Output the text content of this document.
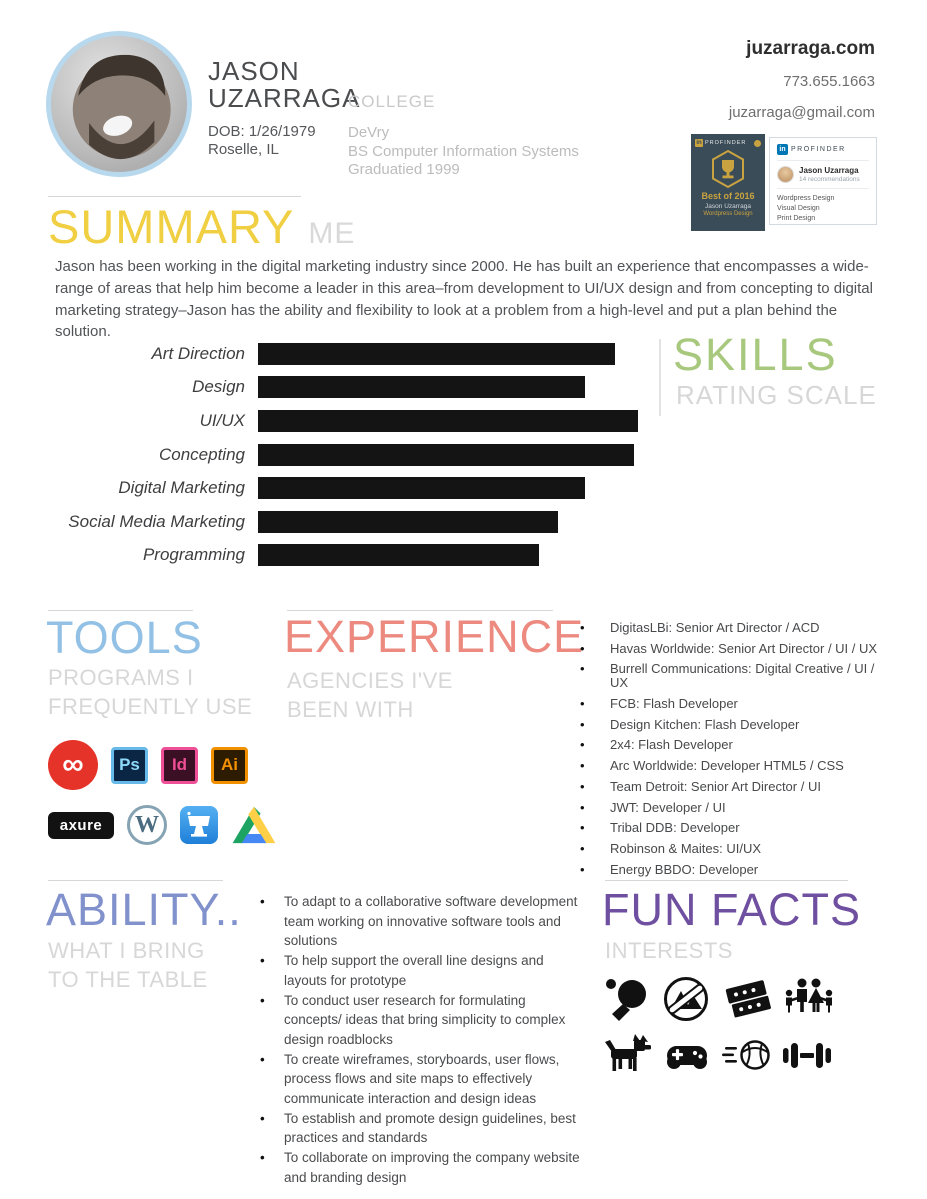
JASON
UZARRAGA
DOB: 1/26/1979
Roselle, IL
COLLEGE
DeVry
BS Computer Information Systems
Graduatied 1999
juzarraga.com
773.655.1663
juzarraga@gmail.com
in PROFINDER
Best of 2016
Jason Uzarraga
Wordpress Design
in PROFINDER
Jason Uzarraga
14 recommendations
Wordpress Design
Visual Design
Print Design
SUMMARY ME

Jason has been working in the digital marketing industry since 2000. He has built an experience that encompasses a wide-range of areas that help him become a leader in this area–from development to UI/UX design and from concepting to digital marketing strategy–Jason has the ability and flexibility to look at a problem from a high-level and put a plan behind the solution.

Art Direction
Design
UI/UX
Concepting
Digital Marketing
Social Media Marketing
Programming
SKILLS
RATING SCALE
TOOLS
PROGRAMS I
FREQUENTLY USE
∞ Ps Id Ai
axure W
EXPERIENCE
AGENCIES I'VE
BEEN WITH
• DigitasLBi: Senior Art Director / ACD
• Havas Worldwide: Senior Art Director / UI / UX
• Burrell Communications: Digital Creative / UI / UX
• FCB: Flash Developer
• Design Kitchen: Flash Developer
• 2x4: Flash Developer
• Arc Worldwide: Developer HTML5 / CSS
• Team Detroit: Senior Art Director / UI
• JWT: Developer / UI
• Tribal DDB: Developer
• Robinson & Maites: UI/UX
• Energy BBDO: Developer
ABILITY..
WHAT I BRING
TO THE TABLE
• To adapt to a collaborative software development team working on innovative software tools and solutions
• To help support the overall line designs and layouts for prototype
• To conduct user research for formulating concepts/ ideas that bring simplicity to complex design roadblocks
• To create wireframes, storyboards, user flows, process flows and site maps to effectively communicate interaction and design ideas
• To establish and promote design guidelines, best practices and standards
• To collaborate on improving the company website and branding design
FUN FACTS
INTERESTS
